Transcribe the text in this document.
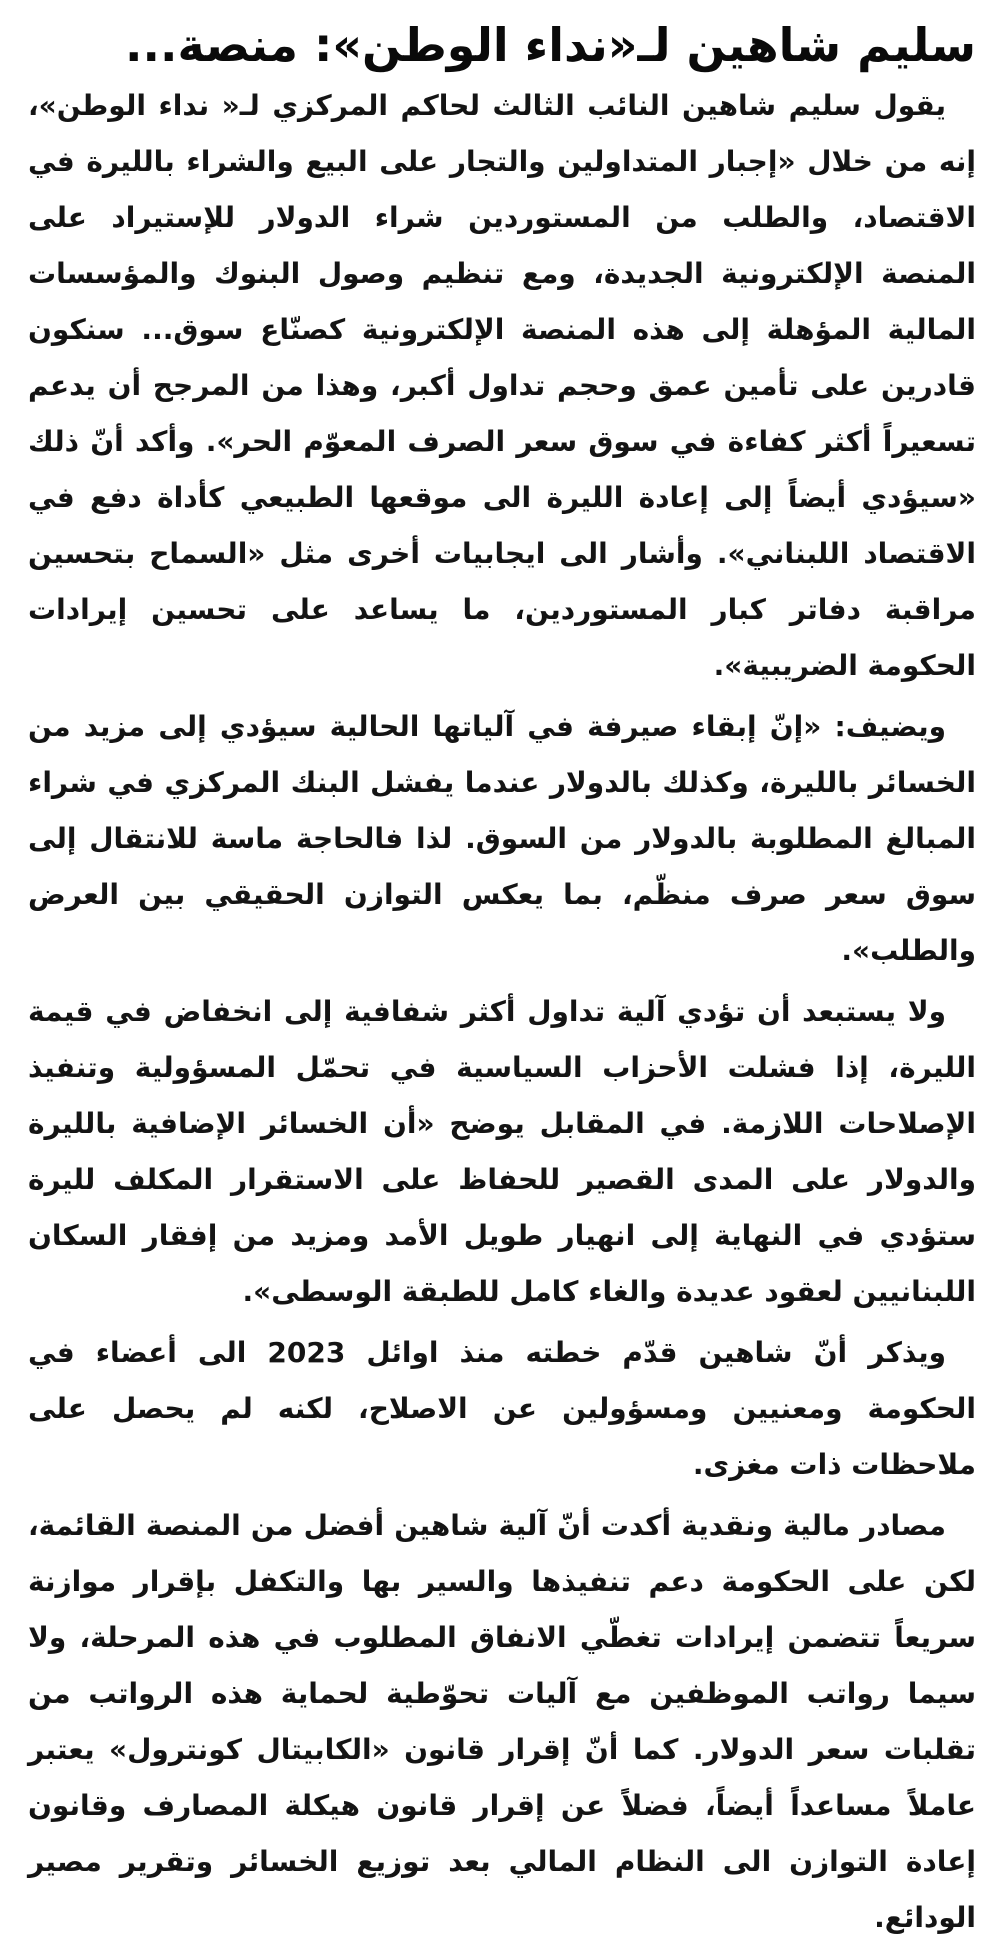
سليم شاهين لـ«نداء الوطن»: منصة...

يقول سليم شاهين النائب الثالث لحاكم المركزي لـ« نداء الوطن»، إنه من خلال «إجبار المتداولين والتجار على البيع والشراء بالليرة في الاقتصاد، والطلب من المستوردين شراء الدولار للإستيراد على المنصة الإلكترونية الجديدة، ومع تنظيم وصول البنوك والمؤسسات المالية المؤهلة إلى هذه المنصة الإلكترونية كصنّاع سوق... سنكون قادرين على تأمين عمق وحجم تداول أكبر، وهذا من المرجح أن يدعم تسعيراً أكثر كفاءة في سوق سعر الصرف المعوّم الحر». وأكد أنّ ذلك «سيؤدي أيضاً إلى إعادة الليرة الى موقعها الطبيعي كأداة دفع في الاقتصاد اللبناني». وأشار الى ايجابيات أخرى مثل «السماح بتحسين مراقبة دفاتر كبار المستوردين، ما يساعد على تحسين إيرادات الحكومة الضريبية».

ويضيف: «إنّ إبقاء صيرفة في آلياتها الحالية سيؤدي إلى مزيد من الخسائر بالليرة، وكذلك بالدولار عندما يفشل البنك المركزي في شراء المبالغ المطلوبة بالدولار من السوق. لذا فالحاجة ماسة للانتقال إلى سوق سعر صرف منظّم، بما يعكس التوازن الحقيقي بين العرض والطلب».

ولا يستبعد أن تؤدي آلية تداول أكثر شفافية إلى انخفاض في قيمة الليرة، إذا فشلت الأحزاب السياسية في تحمّل المسؤولية وتنفيذ الإصلاحات اللازمة. في المقابل يوضح «أن الخسائر الإضافية بالليرة والدولار على المدى القصير للحفاظ على الاستقرار المكلف لليرة ستؤدي في النهاية إلى انهيار طويل الأمد ومزيد من إفقار السكان اللبنانيين لعقود عديدة والغاء كامل للطبقة الوسطى».

ويذكر أنّ شاهين قدّم خطته منذ اوائل 2023 الى أعضاء في الحكومة ومعنيين ومسؤولين عن الاصلاح، لكنه لم يحصل على ملاحظات ذات مغزى.

مصادر مالية ونقدية أكدت أنّ آلية شاهين أفضل من المنصة القائمة، لكن على الحكومة دعم تنفيذها والسير بها والتكفل بإقرار موازنة سريعاً تتضمن إيرادات تغطّي الانفاق المطلوب في هذه المرحلة، ولا سيما رواتب الموظفين مع آليات تحوّطية لحماية هذه الرواتب من تقلبات سعر الدولار. كما أنّ إقرار قانون «الكابيتال كونترول» يعتبر عاملاً مساعداً أيضاً، فضلاً عن إقرار قانون هيكلة المصارف وقانون إعادة التوازن الى النظام المالي بعد توزيع الخسائر وتقرير مصير الودائع.
